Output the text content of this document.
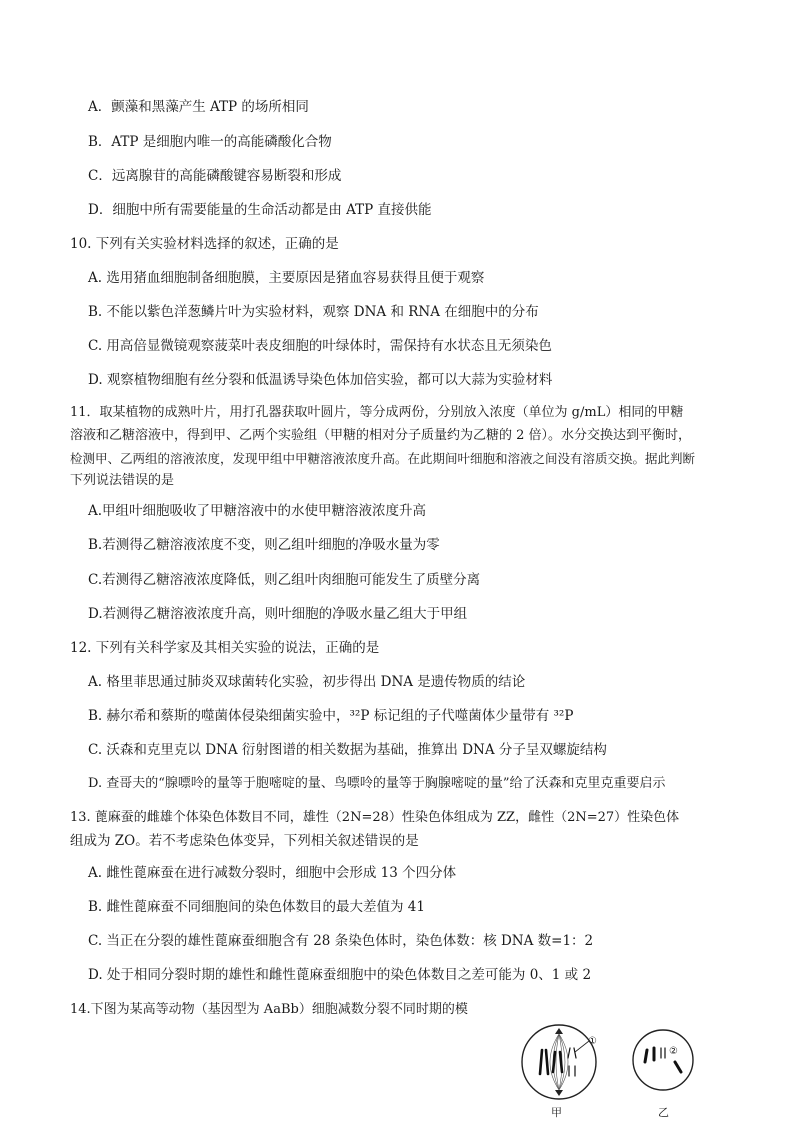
A．颤藻和黑藻产生 ATP 的场所相同
B．ATP 是细胞内唯一的高能磷酸化合物
C．远离腺苷的高能磷酸键容易断裂和形成
D．细胞中所有需要能量的生命活动都是由 ATP 直接供能
10. 下列有关实验材料选择的叙述，正确的是
A. 选用猪血细胞制备细胞膜，主要原因是猪血容易获得且便于观察
B. 不能以紫色洋葱鳞片叶为实验材料，观察 DNA 和 RNA 在细胞中的分布
C. 用高倍显微镜观察菠菜叶表皮细胞的叶绿体时，需保持有水状态且无须染色
D. 观察植物细胞有丝分裂和低温诱导染色体加倍实验，都可以大蒜为实验材料
11．取某植物的成熟叶片，用打孔器获取叶圆片，等分成两份，分别放入浓度（单位为 g/mL）相同的甲糖
溶液和乙糖溶液中，得到甲、乙两个实验组（甲糖的相对分子质量约为乙糖的 2 倍）。水分交换达到平衡时，
检测甲、乙两组的溶液浓度，发现甲组中甲糖溶液浓度升高。在此期间叶细胞和溶液之间没有溶质交换。据此判断
下列说法错误的是
A.甲组叶细胞吸收了甲糖溶液中的水使甲糖溶液浓度升高
B.若测得乙糖溶液浓度不变，则乙组叶细胞的净吸水量为零
C.若测得乙糖溶液浓度降低，则乙组叶肉细胞可能发生了质壁分离
D.若测得乙糖溶液浓度升高，则叶细胞的净吸水量乙组大于甲组
12. 下列有关科学家及其相关实验的说法，正确的是
A. 格里菲思通过肺炎双球菌转化实验，初步得出 DNA 是遗传物质的结论
B. 赫尔希和蔡斯的噬菌体侵染细菌实验中，³²P 标记组的子代噬菌体少量带有 ³²P
C. 沃森和克里克以 DNA 衍射图谱的相关数据为基础，推算出 DNA 分子呈双螺旋结构
D. 查哥夫的“腺嘌呤的量等于胞嘧啶的量、鸟嘌呤的量等于胸腺嘧啶的量”给了沃森和克里克重要启示
13. 蓖麻蚕的雌雄个体染色体数目不同，雄性（2N=28）性染色体组成为 ZZ，雌性（2N=27）性染色体
组成为 ZO。若不考虑染色体变异，下列相关叙述错误的是
A. 雌性蓖麻蚕在进行减数分裂时，细胞中会形成 13 个四分体
B. 雌性蓖麻蚕不同细胞间的染色体数目的最大差值为 41
C. 当正在分裂的雄性蓖麻蚕细胞含有 28 条染色体时，染色体数：核 DNA 数=1：2
D. 处于相同分裂时期的雄性和雌性蓖麻蚕细胞中的染色体数目之差可能为 0、1 或 2
14.下图为某高等动物（基因型为 AaBb）细胞减数分裂不同时期的模
①
②
甲	乙
